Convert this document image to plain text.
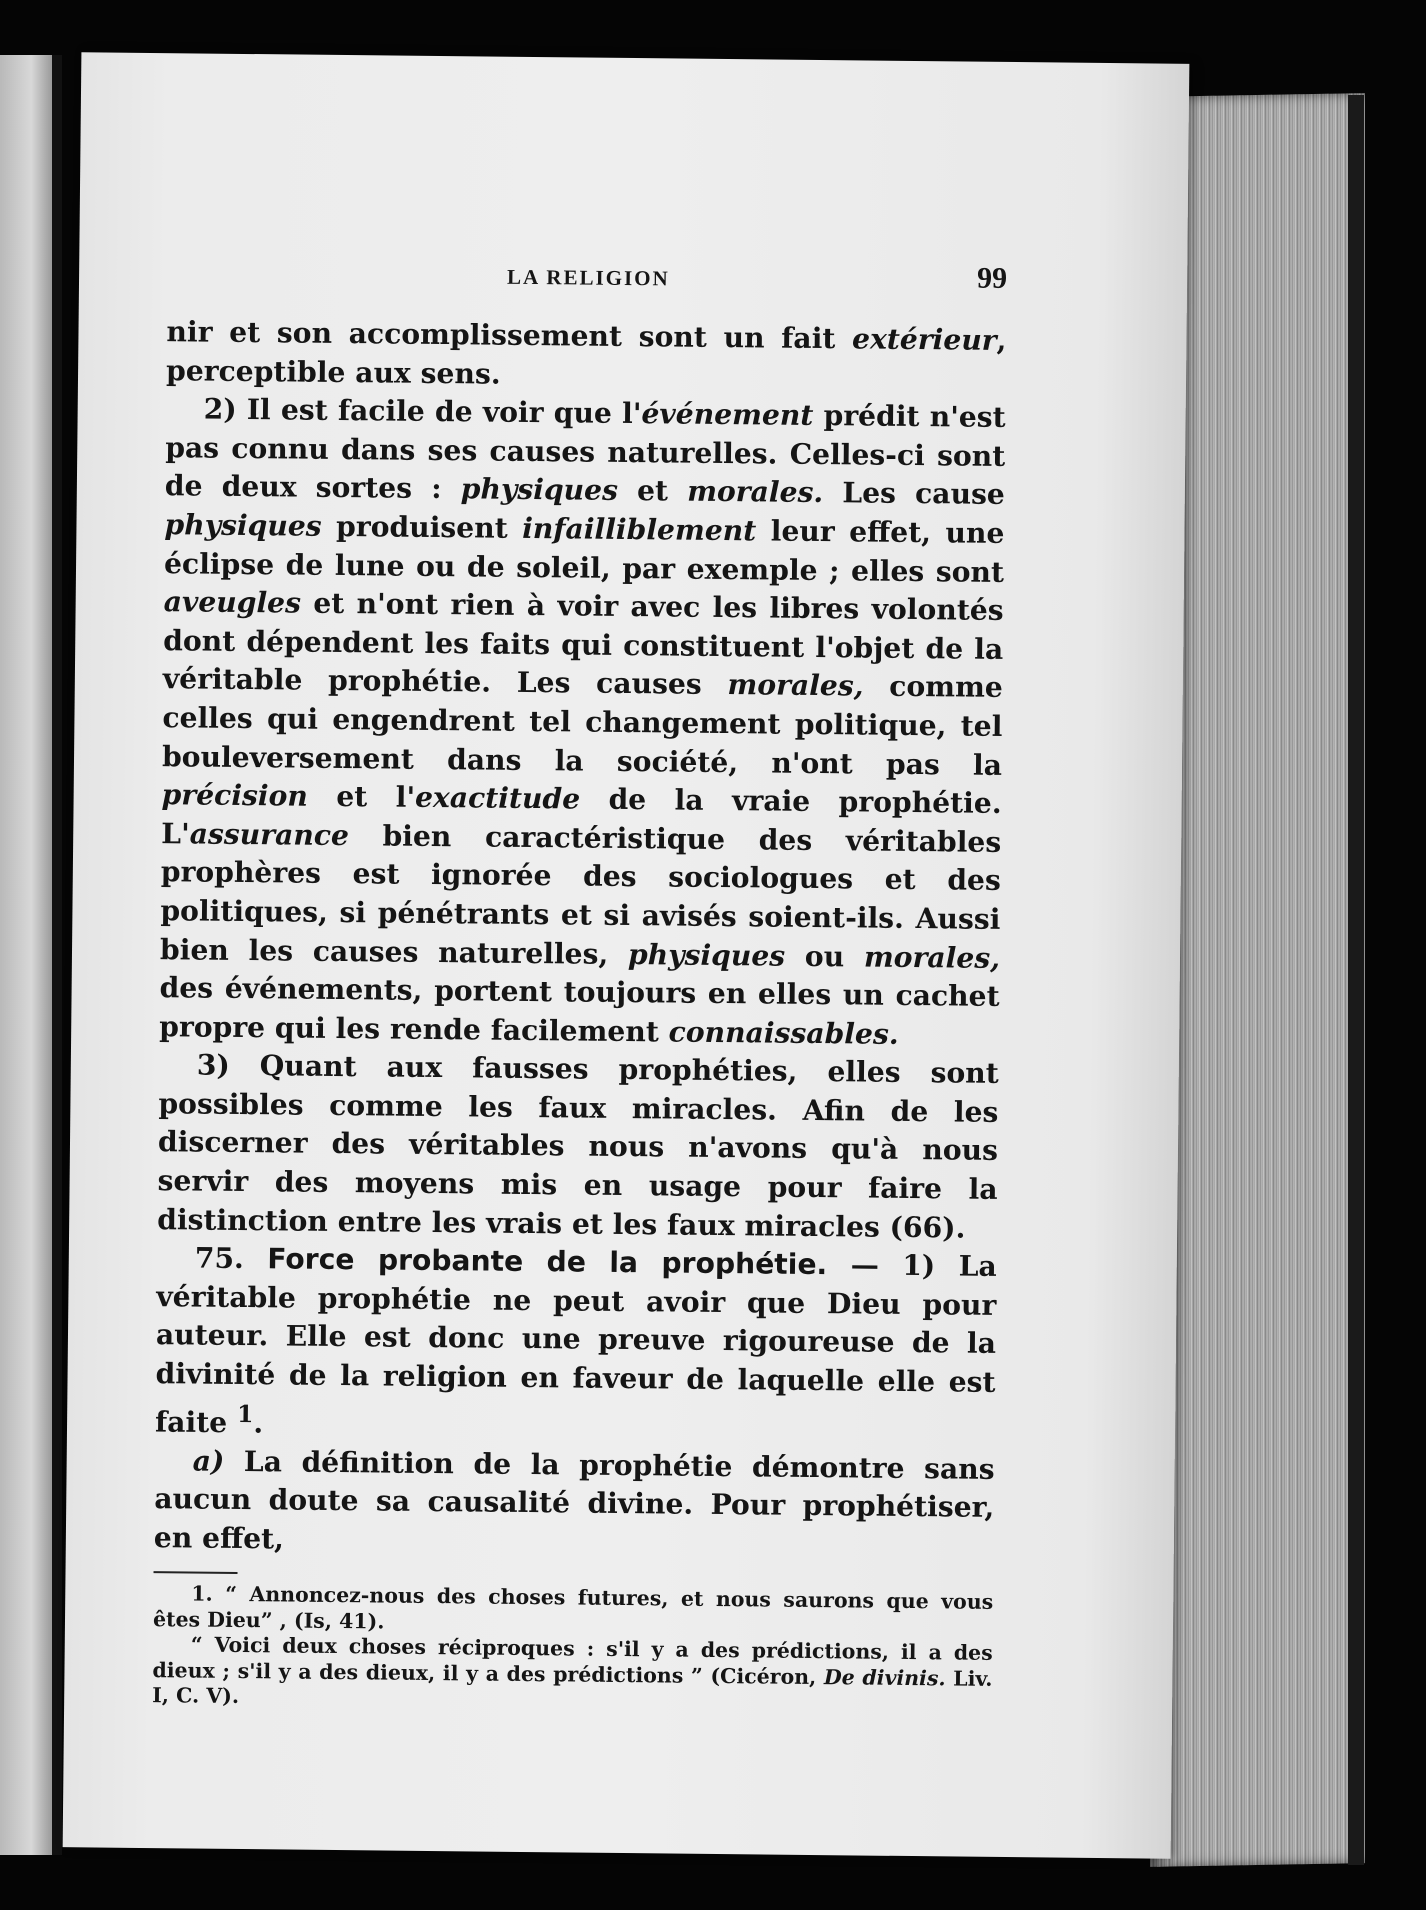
LA RELIGION	99

nir et son accomplissement sont un fait extérieur, perceptible aux sens.

2) Il est facile de voir que l'événement prédit n'est pas connu dans ses causes naturelles. Celles-ci sont de deux sortes : physiques et morales. Les cause physiques produisent infailliblement leur effet, une éclipse de lune ou de soleil, par exemple ; elles sont aveugles et n'ont rien à voir avec les libres volontés dont dépendent les faits qui constituent l'objet de la véritable prophétie. Les causes morales, comme celles qui engendrent tel changement politique, tel bouleversement dans la société, n'ont pas la précision et l'exactitude de la vraie prophétie. L'assurance bien caractéristique des véritables prophères est ignorée des sociologues et des politiques, si pénétrants et si avisés soient-ils. Aussi bien les causes naturelles, physiques ou morales, des événements, portent toujours en elles un cachet propre qui les rende facilement connaissables.

3) Quant aux fausses prophéties, elles sont possibles comme les faux miracles. Afin de les discerner des véritables nous n'avons qu'à nous servir des moyens mis en usage pour faire la distinction entre les vrais et les faux miracles (66).

75. Force probante de la prophétie. — 1) La véritable prophétie ne peut avoir que Dieu pour auteur. Elle est donc une preuve rigoureuse de la divinité de la religion en faveur de laquelle elle est faite $^1$.

a) La définition de la prophétie démontre sans aucun doute sa causalité divine. Pour prophétiser, en effet,

1. “ Annoncez-nous des choses futures, et nous saurons que vous êtes Dieu” , (Is, 41).

“ Voici deux choses réciproques : s'il y a des prédictions, il a des dieux ; s'il y a des dieux, il y a des prédictions ” (Cicéron, De divinis. Liv. I, C. V).
